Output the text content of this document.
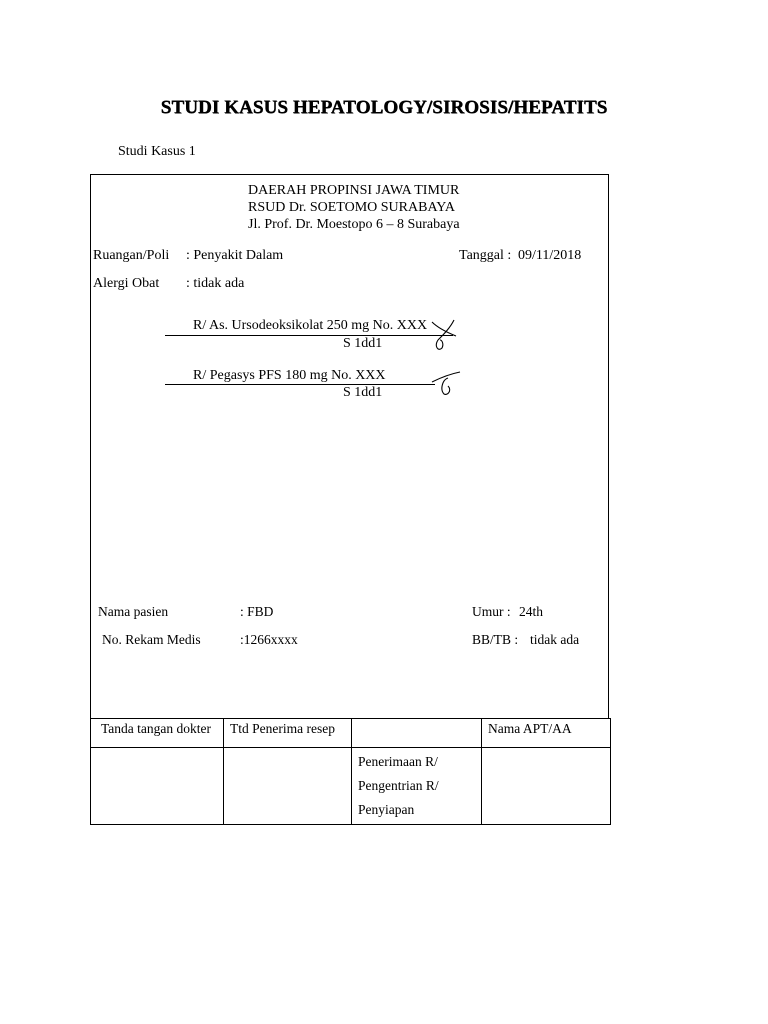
STUDI KASUS HEPATOLOGY/SIROSIS/HEPATITS
Studi Kasus 1
DAERAH PROPINSI JAWA TIMUR
RSUD Dr. SOETOMO SURABAYA
Jl. Prof. Dr. Moestopo 6 – 8 Surabaya
Ruangan/Poli : Penyakit Dalam	Tanggal : 09/11/2018
Alergi Obat : tidak ada
R/ As. Ursodeoksikolat 250 mg No. XXX
S 1dd1
R/ Pegasys PFS 180 mg No. XXX
S 1dd1
Nama pasien	: FBD	Umur : 24th
No. Rekam Medis	:1266xxxx	BB/TB : tidak ada
Tanda tangan dokter	Ttd Penerima resep		Nama APT/AA

		Penerimaan R/
Pengentrian R/
Penyiapan	
